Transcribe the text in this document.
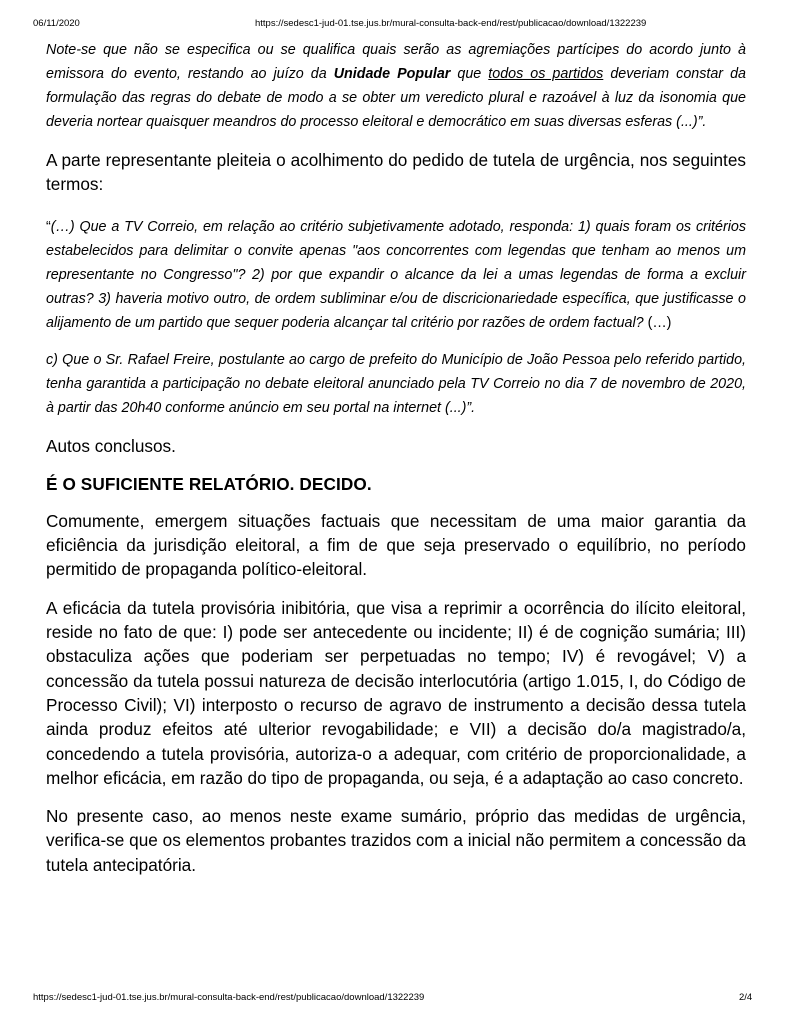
06/11/2020	https://sedesc1-jud-01.tse.jus.br/mural-consulta-back-end/rest/publicacao/download/1322239

Note-se que não se especifica ou se qualifica quais serão as agremiações partícipes do acordo junto à emissora do evento, restando ao juízo da Unidade Popular que todos os partidos deveriam constar da formulação das regras do debate de modo a se obter um veredicto plural e razoável à luz da isonomia que deveria nortear quaisquer meandros do processo eleitoral e democrático em suas diversas esferas (...)”.

A parte representante pleiteia o acolhimento do pedido de tutela de urgência, nos seguintes termos:

“(…) Que a TV Correio, em relação ao critério subjetivamente adotado, responda: 1) quais foram os critérios estabelecidos para delimitar o convite apenas "aos concorrentes com legendas que tenham ao menos um representante no Congresso"? 2) por que expandir o alcance da lei a umas legendas de forma a excluir outras? 3) haveria motivo outro, de ordem subliminar e/ou de discricionariedade específica, que justificasse o alijamento de um partido que sequer poderia alcançar tal critério por razões de ordem factual? (…)

c) Que o Sr. Rafael Freire, postulante ao cargo de prefeito do Município de João Pessoa pelo referido partido, tenha garantida a participação no debate eleitoral anunciado pela TV Correio no dia 7 de novembro de 2020, à partir das 20h40 conforme anúncio em seu portal na internet (...)”.

Autos conclusos.

É O SUFICIENTE RELATÓRIO. DECIDO.

Comumente, emergem situações factuais que necessitam de uma maior garantia da eficiência da jurisdição eleitoral, a fim de que seja preservado o equilíbrio, no período permitido de propaganda político-eleitoral.

A eficácia da tutela provisória inibitória, que visa a reprimir a ocorrência do ilícito eleitoral, reside no fato de que: I) pode ser antecedente ou incidente; II) é de cognição sumária; III) obstaculiza ações que poderiam ser perpetuadas no tempo; IV) é revogável; V) a concessão da tutela possui natureza de decisão interlocutória (artigo 1.015, I, do Código de Processo Civil); VI) interposto o recurso de agravo de instrumento a decisão dessa tutela ainda produz efeitos até ulterior revogabilidade; e VII) a decisão do/a magistrado/a, concedendo a tutela provisória, autoriza-o a adequar, com critério de proporcionalidade, a melhor eficácia, em razão do tipo de propaganda, ou seja, é a adaptação ao caso concreto.

No presente caso, ao menos neste exame sumário, próprio das medidas de urgência, verifica-se que os elementos probantes trazidos com a inicial não permitem a concessão da tutela antecipatória.

https://sedesc1-jud-01.tse.jus.br/mural-consulta-back-end/rest/publicacao/download/1322239	2/4
